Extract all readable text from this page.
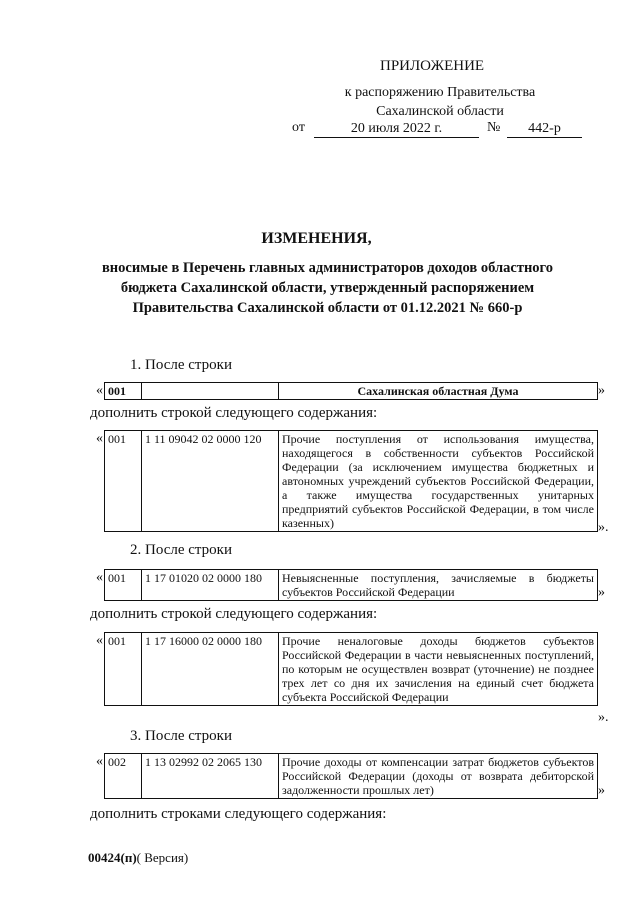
ПРИЛОЖЕНИЕ
к распоряжению Правительства
Сахалинской области
от	20 июля 2022 г.	№	442-р
ИЗМЕНЕНИЯ,
вносимые в Перечень главных администраторов доходов областного
бюджета Сахалинской области, утвержденный распоряжением
Правительства Сахалинской области от 01.12.2021 № 660-р
1. После строки
« 001		Сахалинская областная Дума	»
дополнить строкой следующего содержания:
« 001	1 11 09042 02 0000 120	Прочие поступления от использования имущества, находящегося в собственности субъектов Российской Федерации (за исключением имущества бюджетных и автономных учреждений субъектов Российской Федерации, а также имущества государственных унитарных предприятий субъектов Российской Федерации, в том числе казенных)	».
2. После строки
« 001	1 17 01020 02 0000 180	Невыясненные поступления, зачисляемые в бюджеты субъектов Российской Федерации	»
дополнить строкой следующего содержания:
« 001	1 17 16000 02 0000 180	Прочие неналоговые доходы бюджетов субъектов Российской Федерации в части невыясненных поступлений, по которым не осуществлен возврат (уточнение) не позднее трех лет со дня их зачисления на единый счет бюджета субъекта Российской Федерации
».
3. После строки
« 002	1 13 02992 02 2065 130	Прочие доходы от компенсации затрат бюджетов субъектов Российской Федерации (доходы от возврата дебиторской задолженности прошлых лет)	»
дополнить строками следующего содержания:
00424(п)( Версия)
